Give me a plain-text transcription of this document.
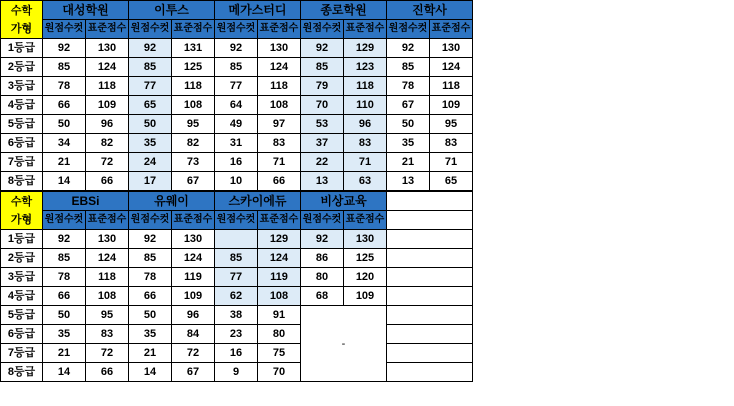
수학
가형	대성학원		이투스		메가스터디		종로학원		진학사	
	원점수컷	표준점수	원점수컷	표준점수	원점수컷	표준점수	원점수컷	표준점수	원점수컷	표준점수
1등급	92	130	92	131	92	130	92	129	92	130
2등급	85	124	85	125	85	124	85	123	85	124
3등급	78	118	77	118	77	118	79	118	78	118
4등급	66	109	65	108	64	108	70	110	67	109
5등급	50	96	50	95	49	97	53	96	50	95
6등급	34	82	35	82	31	83	37	83	35	83
7등급	21	72	24	73	16	71	22	71	21	71
8등급	14	66	17	67	10	66	13	63	13	65
수학
가형	EBSi		유웨이		스카이에듀		비상교육		
	원점수컷	표준점수	원점수컷	표준점수	원점수컷	표준점수	원점수컷	표준점수	
1등급	92	130	92	130		129	92	130	
2등급	85	124	85	124	85	124	86	125	
3등급	78	118	78	119	77	119	80	120	
4등급	66	108	66	109	62	108	68	109	
5등급	50	95	50	96	38	91	-		

6등급	35	83	35	84	23	80			
7등급	21	72	21	72	16	75			
8등급	14	66	14	67	9	70			
